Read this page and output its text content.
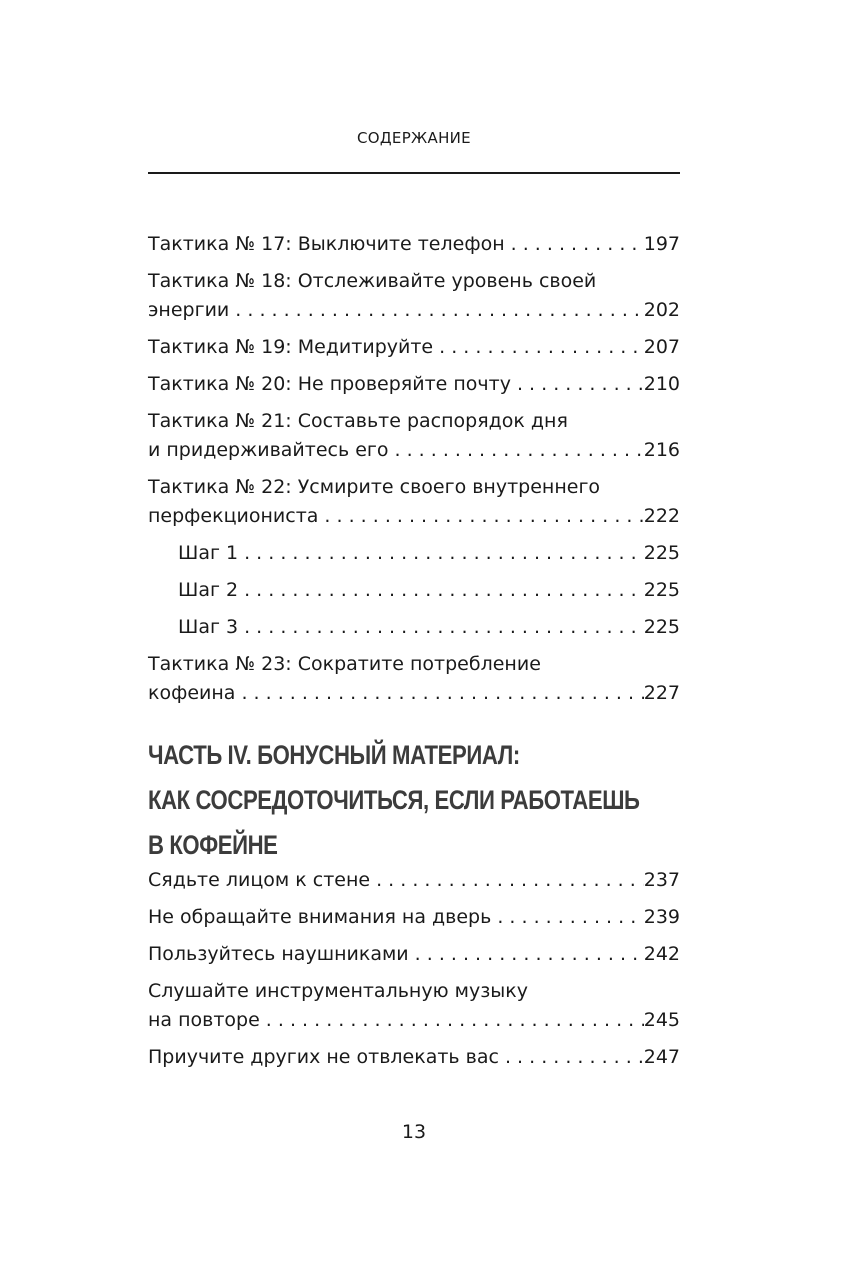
СОДЕРЖАНИЕ
Тактика № 17: Выключите телефон . . .	197
Тактика № 18: Отслеживайте уровень своей
энергии . . .	202
Тактика № 19: Медитируйте . . .	207
Тактика № 20: Не проверяйте почту . . .	210
Тактика № 21: Составьте распорядок дня
и придерживайтесь его . . .	216
Тактика № 22: Усмирите своего внутреннего
перфекциониста . . .	222
Шаг 1 . . .	225
Шаг 2 . . .	225
Шаг 3 . . .	225
Тактика № 23: Сократите потребление
кофеина . . .	227
ЧАСТЬ IV. БОНУСНЫЙ МАТЕРИАЛ:
КАК СОСРЕДОТОЧИТЬСЯ, ЕСЛИ РАБОТАЕШЬ
В КОФЕЙНЕ
Сядьте лицом к стене . . .	237
Не обращайте внимания на дверь . . .	239
Пользуйтесь наушниками . . .	242
Слушайте инструментальную музыку
на повторе . . .	245
Приучите других не отвлекать вас . . .	247
13
